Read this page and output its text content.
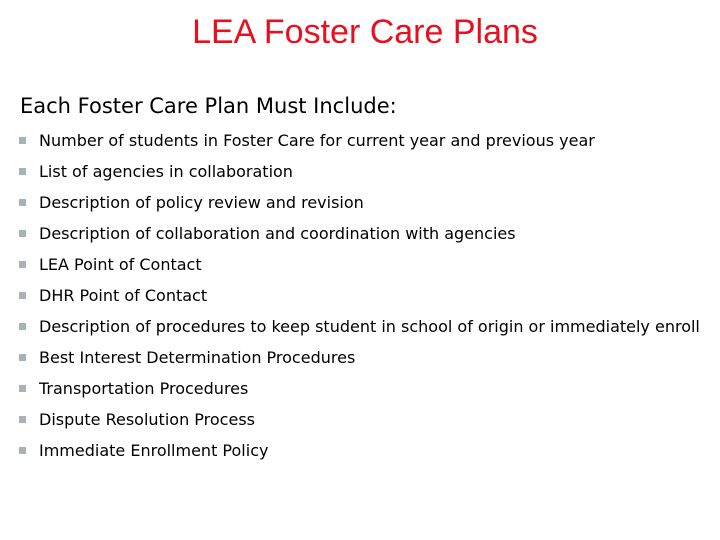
LEA Foster Care Plans
Each Foster Care Plan Must Include:
Number of students in Foster Care for current year and previous year
List of agencies in collaboration
Description of policy review and revision
Description of collaboration and coordination with agencies
LEA Point of Contact
DHR Point of Contact
Description of procedures to keep student in school of origin or immediately enroll
Best Interest Determination Procedures
Transportation Procedures
Dispute Resolution Process
Immediate Enrollment Policy
